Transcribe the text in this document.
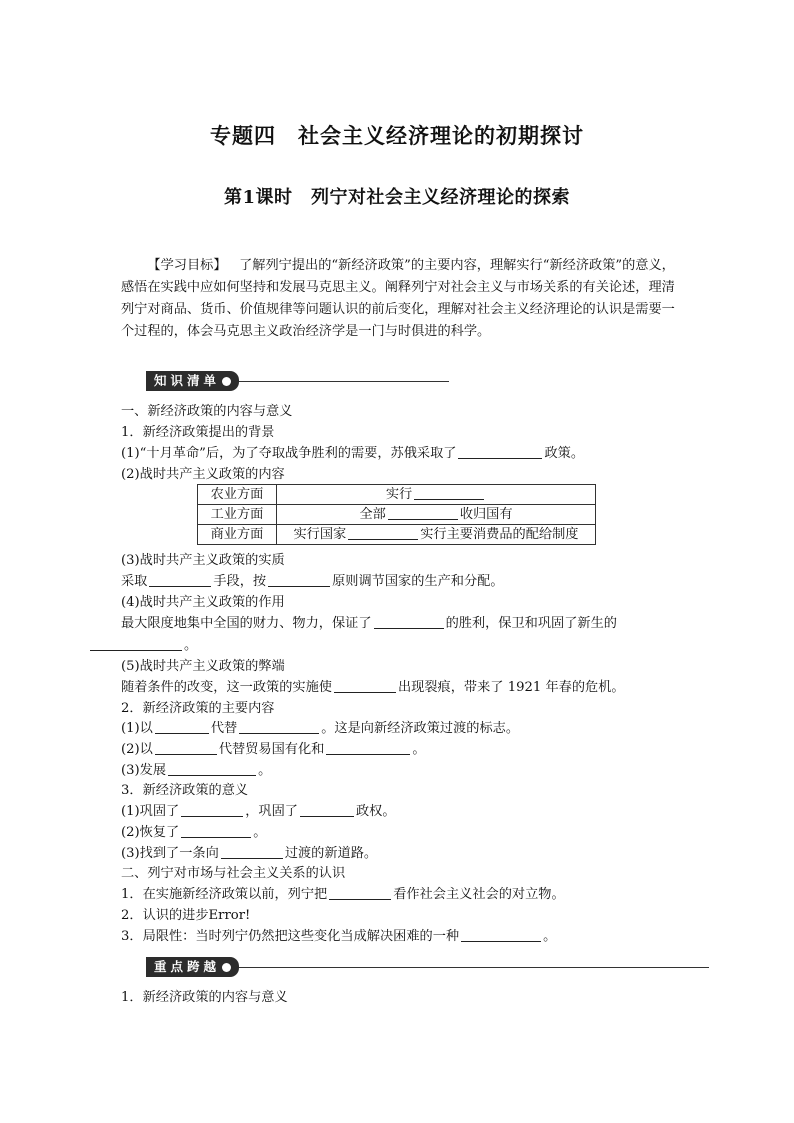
专题四　社会主义经济理论的初期探讨
第1课时　列宁对社会主义经济理论的探索
【学习目标】 了解列宁提出的“新经济政策”的主要内容，理解实行“新经济政策”的意义，感悟在实践中应如何坚持和发展马克思主义。阐释列宁对社会主义与市场关系的有关论述，理清列宁对商品、货币、价值规律等问题认识的前后变化，理解对社会主义经济理论的认识是需要一个过程的，体会马克思主义政治经济学是一门与时俱进的科学。
知识清单
一、新经济政策的内容与意义
1．新经济政策提出的背景
(1)“十月革命”后，为了夺取战争胜利的需要，苏俄采取了	政策。
(2)战时共产主义政策的内容
农业方面	实行
工业方面	全部 收归国有
商业方面	实行国家 实行主要消费品的配给制度
(3)战时共产主义政策的实质
采取	手段，按	原则调节国家的生产和分配。
(4)战时共产主义政策的作用
最大限度地集中全国的财力、物力，保证了	的胜利，保卫和巩固了新生的
。
(5)战时共产主义政策的弊端
随着条件的改变，这一政策的实施使	出现裂痕，带来了 1921 年春的危机。
2．新经济政策的主要内容
(1)以	代替	。这是向新经济政策过渡的标志。
(2)以	代替贸易国有化和	。
(3)发展	。
3．新经济政策的意义
(1)巩固了	，巩固了	政权。
(2)恢复了	。
(3)找到了一条向	过渡的新道路。
二、列宁对市场与社会主义关系的认识
1．在实施新经济政策以前，列宁把	看作社会主义社会的对立物。
2．认识的进步Error!
3．局限性：当时列宁仍然把这些变化当成解决困难的一种	。
重点跨越
1．新经济政策的内容与意义
